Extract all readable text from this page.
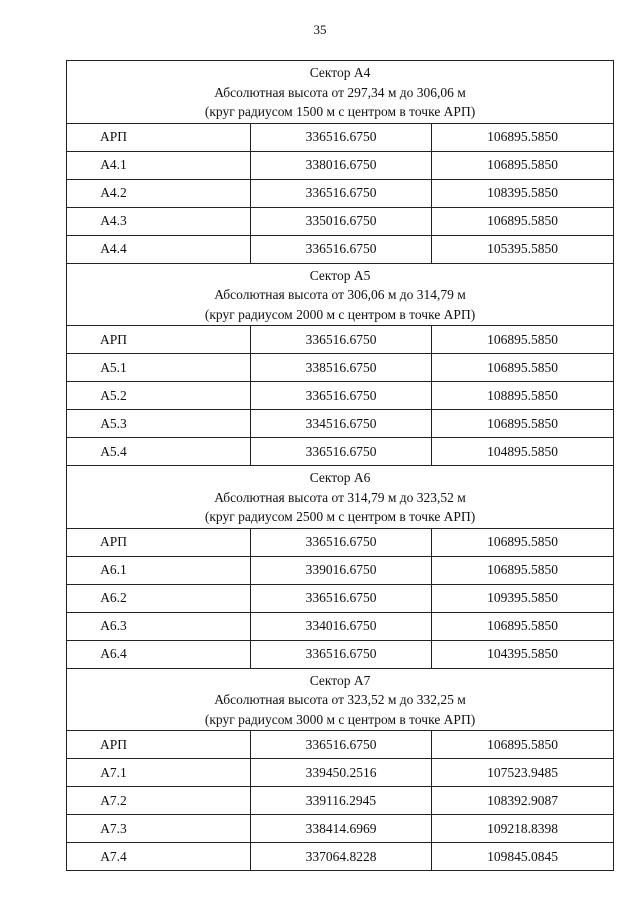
35
Сектор А4
Абсолютная высота от 297,34 м до 306,06 м
(круг радиусом 1500 м с центром в точке АРП)		

АРП	336516.6750	106895.5850
А4.1	338016.6750	106895.5850
А4.2	336516.6750	108395.5850
А4.3	335016.6750	106895.5850
А4.4	336516.6750	105395.5850

Сектор А5
Абсолютная высота от 306,06 м до 314,79 м
(круг радиусом 2000 м с центром в точке АРП)		

АРП	336516.6750	106895.5850
А5.1	338516.6750	106895.5850
А5.2	336516.6750	108895.5850
А5.3	334516.6750	106895.5850
А5.4	336516.6750	104895.5850

Сектор А6
Абсолютная высота от 314,79 м до 323,52 м
(круг радиусом 2500 м с центром в точке АРП)		

АРП	336516.6750	106895.5850
А6.1	339016.6750	106895.5850
А6.2	336516.6750	109395.5850
А6.3	334016.6750	106895.5850
А6.4	336516.6750	104395.5850

Сектор А7
Абсолютная высота от 323,52 м до 332,25 м
(круг радиусом 3000 м с центром в точке АРП)		

АРП	336516.6750	106895.5850
А7.1	339450.2516	107523.9485
А7.2	339116.2945	108392.9087
А7.3	338414.6969	109218.8398
А7.4	337064.8228	109845.0845
